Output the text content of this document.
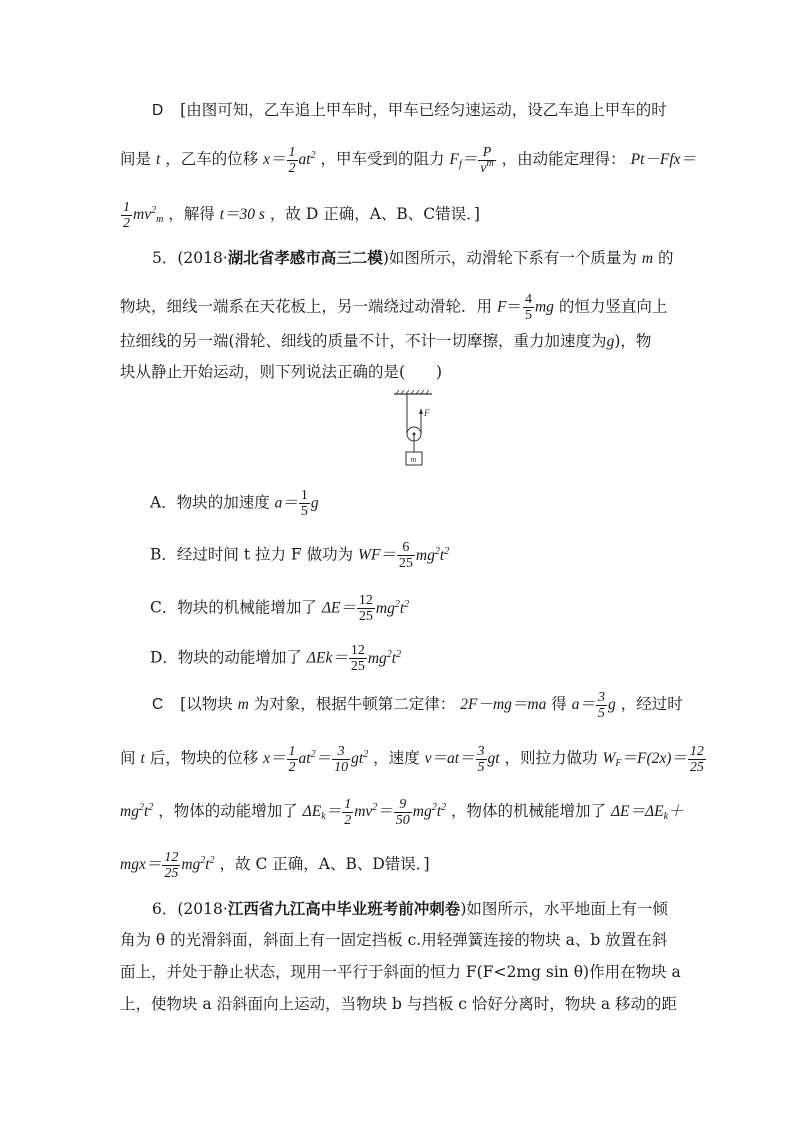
D [由图可知，乙车追上甲车时，甲车已经匀速运动，设乙车追上甲车的时
间是 t ，乙车的位移 $x= \frac{1}{2} at^2$ ，甲车受到的阻力 $F_f= \frac{P}{v^m}$ ，由动能定理得： Pt－Ffx＝
$\frac{1}{2} mv^2_m$ ，解得 t＝30 s ，故 D 正确，A、B、C错误．]
5．(2018·湖北省孝感市高三二模)如图所示，动滑轮下系有一个质量为 m 的
物块，细线一端系在天花板上，另一端绕过动滑轮．用 $F= \frac{4}{5}$ mg 的恒力竖直向上
拉细线的另一端(滑轮、细线的质量不计，不计一切摩擦，重力加速度为g)，物
块从静止开始运动，则下列说法正确的是(　　)
F
m
A．物块的加速度 $a= \frac{1}{5}$ g
B．经过时间 t 拉力 F 做功为 $WF= \frac{6}{25} mg^2t^2$
C．物块的机械能增加了 $\Delta E= \frac{12}{25} mg^2t^2$
D．物块的动能增加了 $\Delta Ek= \frac{12}{25} mg^2t^2$
C [以物块 m 为对象，根据牛顿第二定律： 2F－mg＝ma 得 $a= \frac{3}{5}$ g ，经过时
间 t 后，物块的位移 $x= \frac{1}{2} at^2= \frac{3}{10} gt^2$ ，速度 $v=at= \frac{3}{5}$ gt ，则拉力做功 $W_F=F(2x)= \frac{12}{25}$
$mg^2t^2$ ，物体的动能增加了 $\Delta E_k= \frac{1}{2} mv^2= \frac{9}{50} mg^2t^2$ ，物体的机械能增加了 $\Delta E=\Delta E_k+$
$mgx= \frac{12}{25} mg^2t^2$ ，故 C 正确，A、B、D错误．]
6．(2018·江西省九江高中毕业班考前冲刺卷)如图所示，水平地面上有一倾
角为 θ 的光滑斜面，斜面上有一固定挡板 c.用轻弹簧连接的物块 a、b 放置在斜
面上，并处于静止状态，现用一平行于斜面的恒力 F(F<2mg sin θ)作用在物块 a
上，使物块 a 沿斜面向上运动，当物块 b 与挡板 c 恰好分离时，物块 a 移动的距
